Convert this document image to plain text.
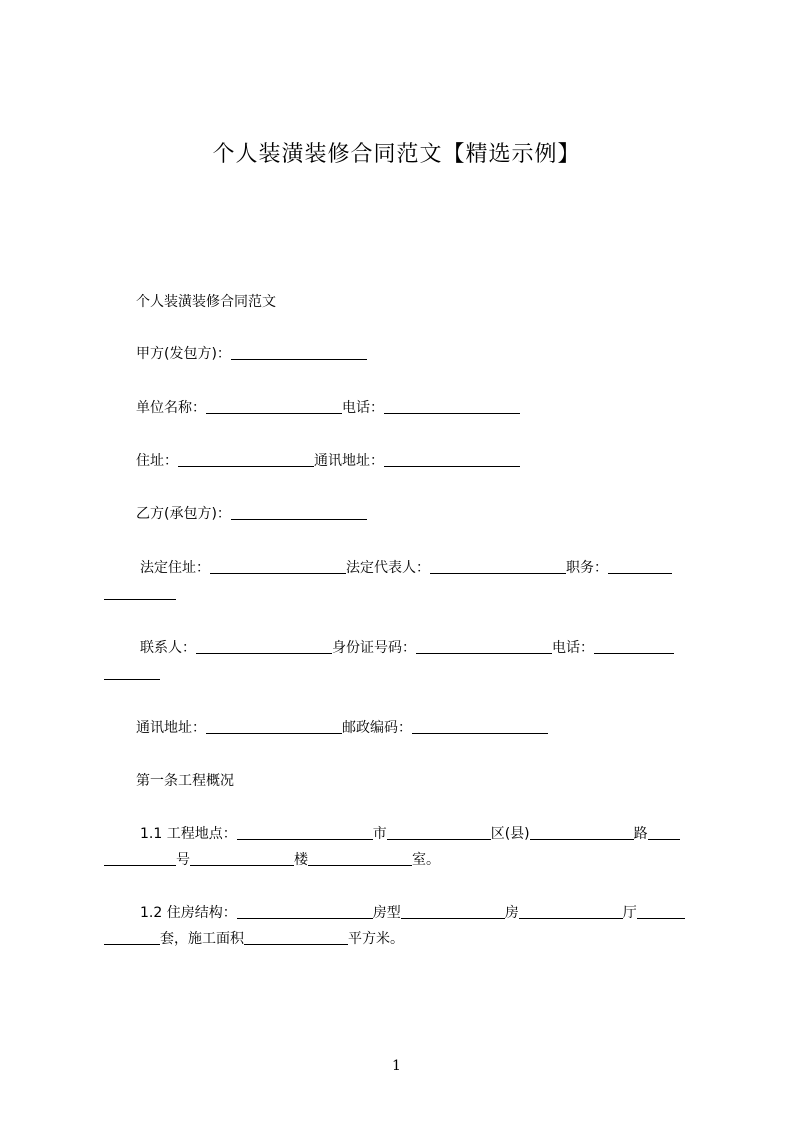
个人装潢装修合同范文【精选示例】
个人装潢装修合同范文
甲方(发包方)：
单位名称：	电话：
住址：	通讯地址：
乙方(承包方)：
法定住址：	法定代表人：	职务：
联系人：	身份证号码：	电话：
通讯地址：	邮政编码：
第一条工程概况
1.1 工程地点：	市	区(县)	路
号	楼	室。
1.2 住房结构：	房型	房	厅
套，施工面积	平方米。
1
